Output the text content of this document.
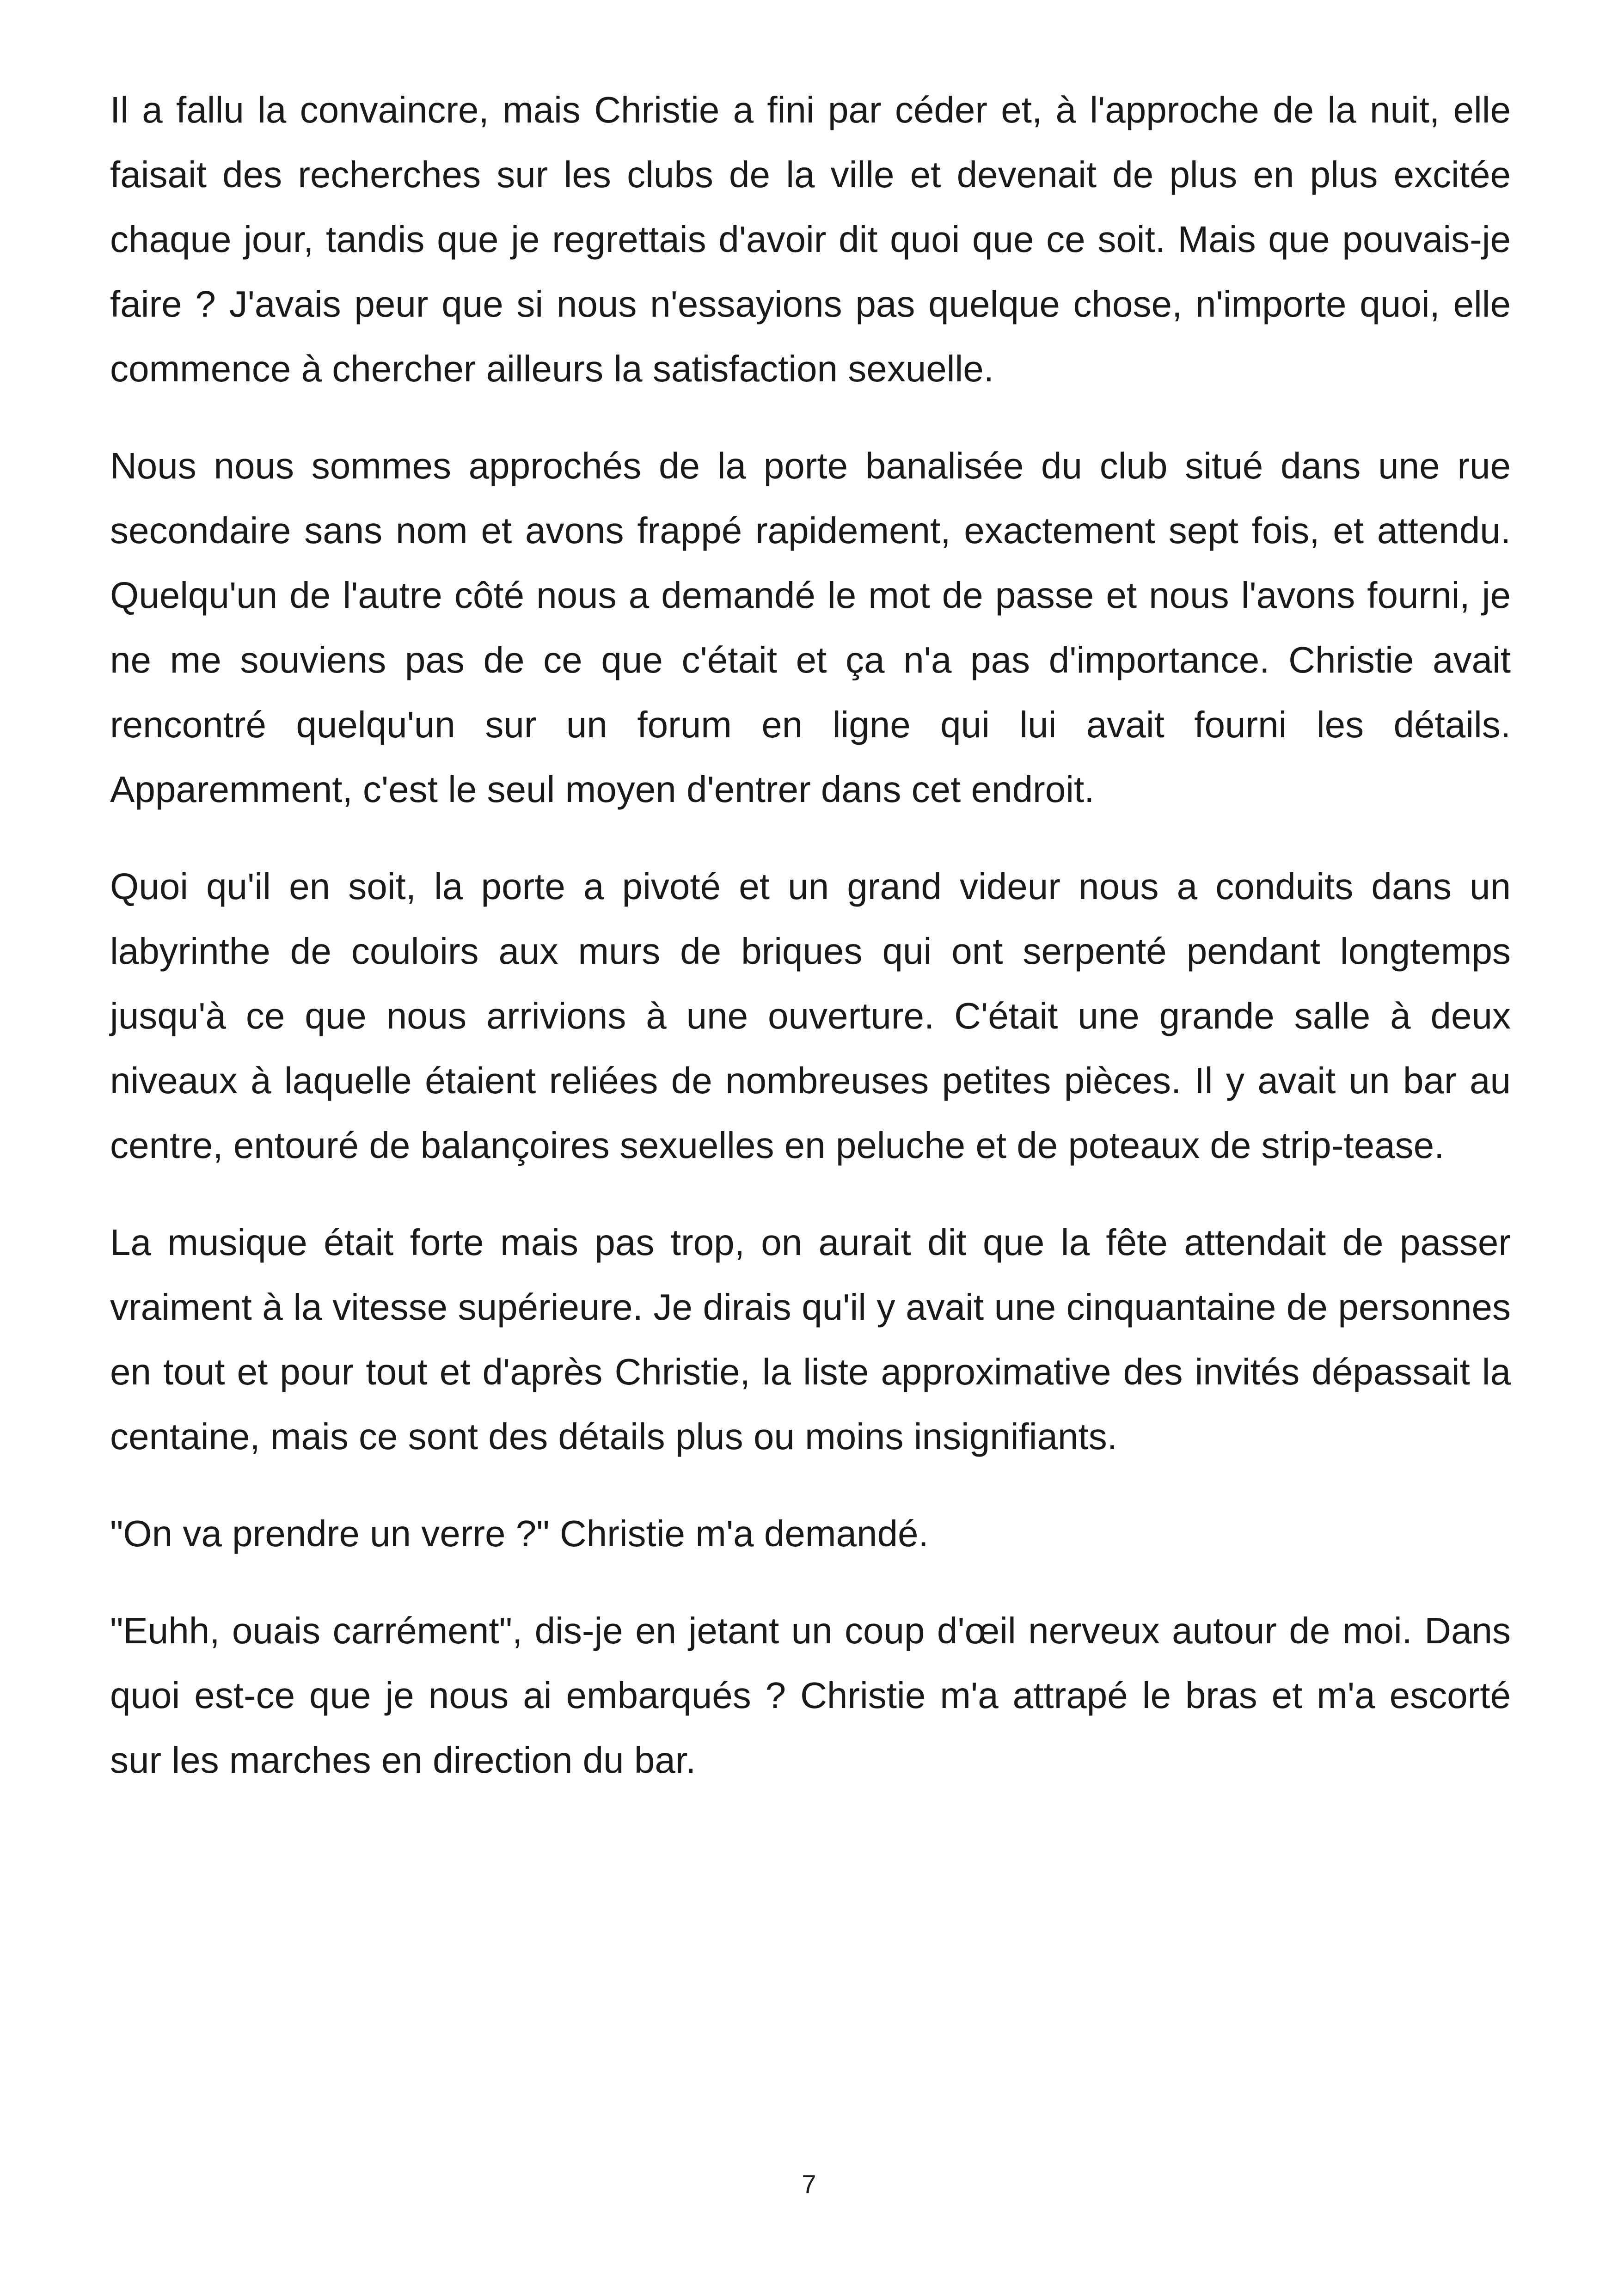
Il a fallu la convaincre, mais Christie a fini par céder et, à l'approche de la nuit, elle faisait des recherches sur les clubs de la ville et devenait de plus en plus excitée chaque jour, tandis que je regrettais d'avoir dit quoi que ce soit. Mais que pouvais-je faire ? J'avais peur que si nous n'essayions pas quelque chose, n'importe quoi, elle commence à chercher ailleurs la satisfaction sexuelle.

Nous nous sommes approchés de la porte banalisée du club situé dans une rue secondaire sans nom et avons frappé rapidement, exactement sept fois, et attendu. Quelqu'un de l'autre côté nous a demandé le mot de passe et nous l'avons fourni, je ne me souviens pas de ce que c'était et ça n'a pas d'importance. Christie avait rencontré quelqu'un sur un forum en ligne qui lui avait fourni les détails. Apparemment, c'est le seul moyen d'entrer dans cet endroit.

Quoi qu'il en soit, la porte a pivoté et un grand videur nous a conduits dans un labyrinthe de couloirs aux murs de briques qui ont serpenté pendant longtemps jusqu'à ce que nous arrivions à une ouverture. C'était une grande salle à deux niveaux à laquelle étaient reliées de nombreuses petites pièces. Il y avait un bar au centre, entouré de balançoires sexuelles en peluche et de poteaux de strip-tease.

La musique était forte mais pas trop, on aurait dit que la fête attendait de passer vraiment à la vitesse supérieure. Je dirais qu'il y avait une cinquantaine de personnes en tout et pour tout et d'après Christie, la liste approximative des invités dépassait la centaine, mais ce sont des détails plus ou moins insignifiants.

"On va prendre un verre ?" Christie m'a demandé.

"Euhh, ouais carrément", dis-je en jetant un coup d'œil nerveux autour de moi. Dans quoi est-ce que je nous ai embarqués ? Christie m'a attrapé le bras et m'a escorté sur les marches en direction du bar.

7
